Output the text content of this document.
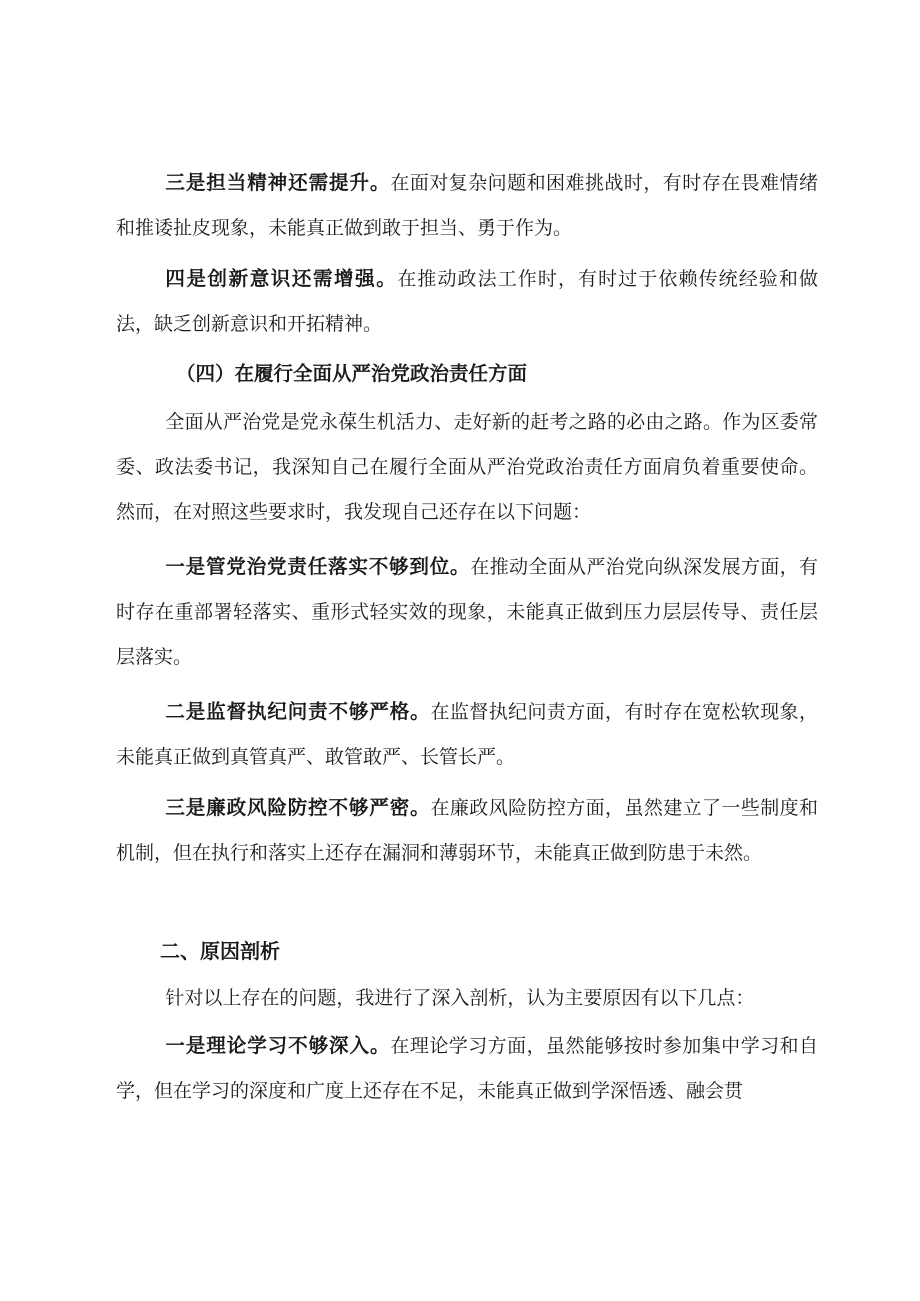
三是担当精神还需提升。在面对复杂问题和困难挑战时，有时存在畏难情绪和推诿扯皮现象，未能真正做到敢于担当、勇于作为。

四是创新意识还需增强。在推动政法工作时，有时过于依赖传统经验和做法，缺乏创新意识和开拓精神。

（四）在履行全面从严治党政治责任方面

全面从严治党是党永葆生机活力、走好新的赶考之路的必由之路。作为区委常委、政法委书记，我深知自己在履行全面从严治党政治责任方面肩负着重要使命。然而，在对照这些要求时，我发现自己还存在以下问题：

一是管党治党责任落实不够到位。在推动全面从严治党向纵深发展方面，有时存在重部署轻落实、重形式轻实效的现象，未能真正做到压力层层传导、责任层层落实。

二是监督执纪问责不够严格。在监督执纪问责方面，有时存在宽松软现象，未能真正做到真管真严、敢管敢严、长管长严。

三是廉政风险防控不够严密。在廉政风险防控方面，虽然建立了一些制度和机制，但在执行和落实上还存在漏洞和薄弱环节，未能真正做到防患于未然。

二、原因剖析

针对以上存在的问题，我进行了深入剖析，认为主要原因有以下几点：

一是理论学习不够深入。在理论学习方面，虽然能够按时参加集中学习和自学，但在学习的深度和广度上还存在不足，未能真正做到学深悟透、融会贯
